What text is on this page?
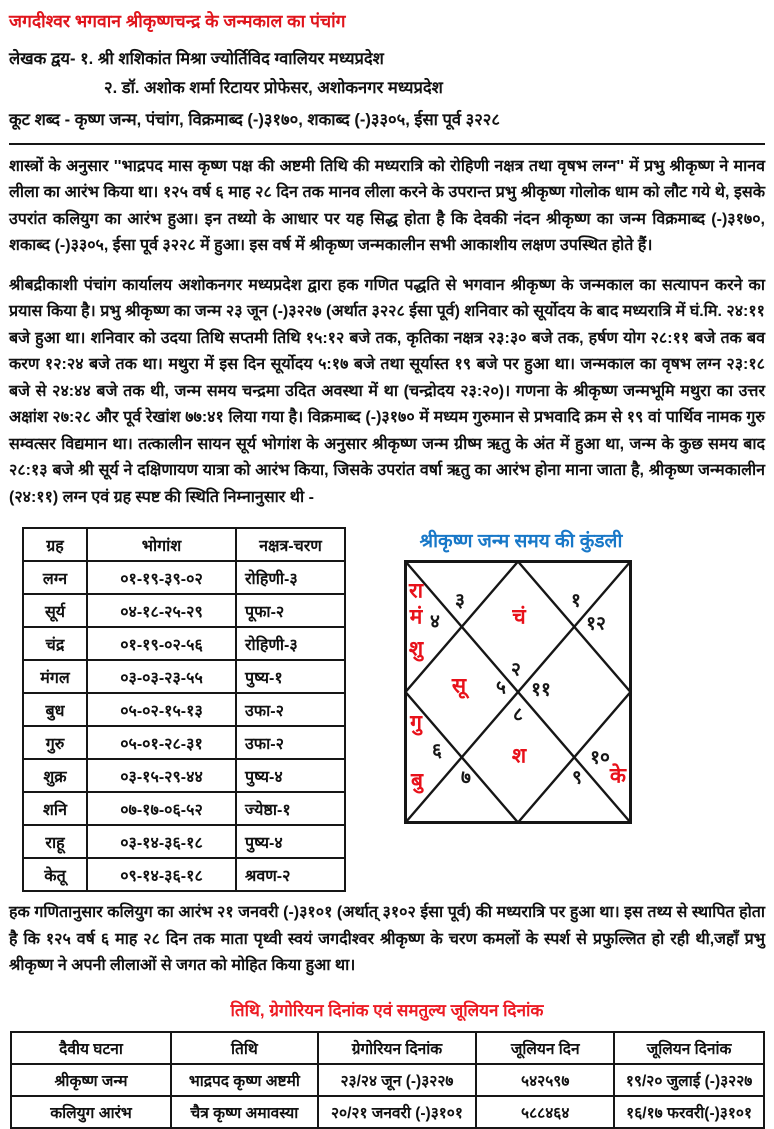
जगदीश्वर भगवान श्रीकृष्णचन्द्र के जन्मकाल का पंचांग
लेखक द्वय- १. श्री शशिकांत मिश्रा ज्योर्तिविद ग्वालियर मध्यप्रदेश
२. डॉ. अशोक शर्मा रिटायर प्रोफेसर, अशोकनगर मध्यप्रदेश
कूट शब्द - कृष्ण जन्म, पंचांग, विक्रमाब्द (-)३१७०, शकाब्द (-)३३०५, ईसा पूर्व ३२२८

शास्त्रों के अनुसार ''भाद्रपद मास कृष्ण पक्ष की अष्टमी तिथि की मध्यरात्रि को रोहिणी नक्षत्र तथा वृषभ लग्न'' में प्रभु श्रीकृष्ण ने मानव लीला का आरंभ किया था। १२५ वर्ष ६ माह २८ दिन तक मानव लीला करने के उपरान्त प्रभु श्रीकृष्ण गोलोक धाम को लौट गये थे, इसके उपरांत कलियुग का आरंभ हुआ। इन तथ्यो के आधार पर यह सिद्ध होता है कि देवकी नंदन श्रीकृष्ण का जन्म विक्रमाब्द (-)३१७०, शकाब्द (-)३३०५, ईसा पूर्व ३२२८ में हुआ। इस वर्ष में श्रीकृष्ण जन्मकालीन सभी आकाशीय लक्षण उपस्थित होते हैं।

श्रीबद्रीकाशी पंचांग कार्यालय अशोकनगर मध्यप्रदेश द्वारा हक गणित पद्धति से भगवान श्रीकृष्ण के जन्मकाल का सत्यापन करने का प्रयास किया है। प्रभु श्रीकृष्ण का जन्म २३ जून (-)३२२७ (अर्थात ३२२८ ईसा पूर्व) शनिवार को सूर्योदय के बाद मध्यरात्रि में घं.मि. २४:११ बजे हुआ था। शनिवार को उदया तिथि सप्तमी तिथि १५:१२ बजे तक, कृतिका नक्षत्र २३:३० बजे तक, हर्षण योग २८:११ बजे तक बव करण १२:२४ बजे तक था। मथुरा में इस दिन सूर्योदय ५:१७ बजे तथा सूर्यास्त १९ बजे पर हुआ था। जन्मकाल का वृषभ लग्न २३:१८ बजे से २४:४४ बजे तक थी, जन्म समय चन्द्रमा उदित अवस्था में था (चन्द्रोदय २३:२०)। गणना के श्रीकृष्ण जन्मभूमि मथुरा का उत्तर अक्षांश २७:२८ और पूर्व रेखांश ७७:४१ लिया गया है। विक्रमाब्द (-)३१७० में मध्यम गुरुमान से प्रभवादि क्रम से १९ वां पार्थिव नामक गुरु सम्वत्सर विद्यमान था। तत्कालीन सायन सूर्य भोगांश के अनुसार श्रीकृष्ण जन्म ग्रीष्म ऋतु के अंत में हुआ था, जन्म के कुछ समय बाद २८:१३ बजे श्री सूर्य ने दक्षिणायण यात्रा को आरंभ किया, जिसके उपरांत वर्षा ऋतु का आरंभ होना माना जाता है, श्रीकृष्ण जन्मकालीन (२४:११) लग्न एवं ग्रह स्पष्ट की स्थिति निम्नानुसार थी -

ग्रह	भोगांश	नक्षत्र-चरण
लग्न	०१-१९-३९-०२	रोहिणी-३
सूर्य	०४-१८-२५-२९	पूफा-२
चंद्र	०१-१९-०२-५६	रोहिणी-३
मंगल	०३-०३-२३-५५	पुष्य-१
बुध	०५-०२-१५-१३	उफा-२
गुरु	०५-०१-२८-३१	उफा-२
शुक्र	०३-१५-२९-४४	पुष्य-४
शनि	०७-१७-०६-५२	ज्येष्ठा-१
राहू	०३-१४-३६-१८	पुष्य-४
केतू	०९-१४-३६-१८	श्रवण-२
श्रीकृष्ण जन्म समय की कुंडली
रा
मं
शु
४
३
चं
१
१२
२
सू ५ ११
८
गु
६
बु ७
श
९
१०
के

हक गणितानुसार कलियुग का आरंभ २१ जनवरी (-)३१०१ (अर्थात् ३१०२ ईसा पूर्व) की मध्यरात्रि पर हुआ था। इस तथ्य से स्थापित होता है कि १२५ वर्ष ६ माह २८ दिन तक माता पृथ्वी स्वयं जगदीश्वर श्रीकृष्ण के चरण कमलों के स्पर्श से प्रफुल्लित हो रही थी,जहाँ प्रभु श्रीकृष्ण ने अपनी लीलाओं से जगत को मोहित किया हुआ था।

तिथि, ग्रेगोरियन दिनांक एवं समतुल्य जूलियन दिनांक
दैवीय घटना	तिथि	ग्रेगोरियन दिनांक	जूलियन दिन	जूलियन दिनांक
श्रीकृष्ण जन्म	भाद्रपद कृष्ण अष्टमी	२३/२४ जून (-)३२२७	५४२५९७	१९/२० जुलाई (-)३२२७
कलियुग आरंभ	चैत्र कृष्ण अमावस्या	२०/२१ जनवरी (-)३१०१	५८८४६४	१६/१७ फरवरी(-)३१०१
